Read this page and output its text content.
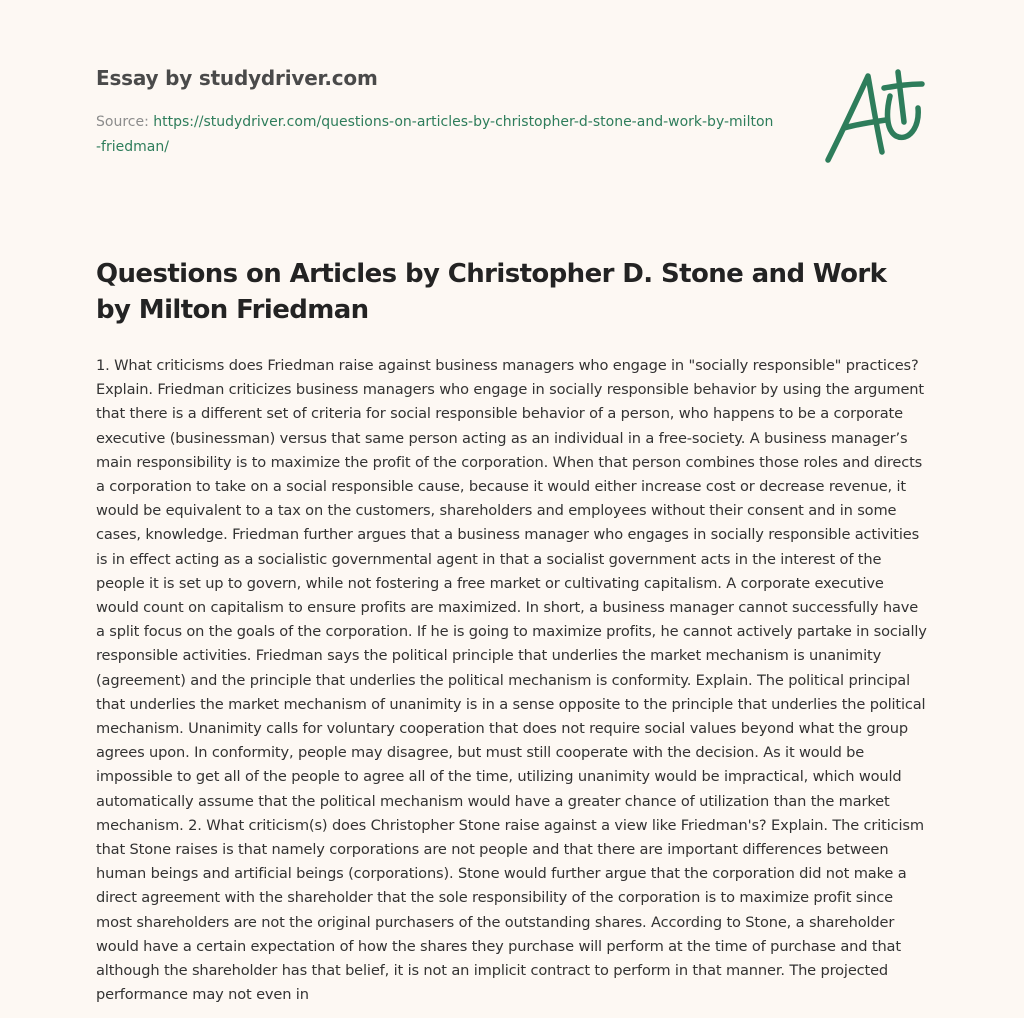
Essay by studydriver.com
Source: https://studydriver.com/questions-on-articles-by-christopher-d-stone-and-work-by-milton-friedman/
Questions on Articles by Christopher D. Stone and Work by Milton Friedman

1. What criticisms does Friedman raise against business managers who engage in "socially responsible" practices? Explain. Friedman criticizes business managers who engage in socially responsible behavior by using the argument that there is a different set of criteria for social responsible behavior of a person, who happens to be a corporate executive (businessman) versus that same person acting as an individual in a free-society. A business manager’s main responsibility is to maximize the profit of the corporation. When that person combines those roles and directs a corporation to take on a social responsible cause, because it would either increase cost or decrease revenue, it would be equivalent to a tax on the customers, shareholders and employees without their consent and in some cases, knowledge. Friedman further argues that a business manager who engages in socially responsible activities is in effect acting as a socialistic governmental agent in that a socialist government acts in the interest of the people it is set up to govern, while not fostering a free market or cultivating capitalism. A corporate executive would count on capitalism to ensure profits are maximized. In short, a business manager cannot successfully have a split focus on the goals of the corporation. If he is going to maximize profits, he cannot actively partake in socially responsible activities. Friedman says the political principle that underlies the market mechanism is unanimity (agreement) and the principle that underlies the political mechanism is conformity. Explain. The political principal that underlies the market mechanism of unanimity is in a sense opposite to the principle that underlies the political mechanism. Unanimity calls for voluntary cooperation that does not require social values beyond what the group agrees upon. In conformity, people may disagree, but must still cooperate with the decision. As it would be impossible to get all of the people to agree all of the time, utilizing unanimity would be impractical, which would automatically assume that the political mechanism would have a greater chance of utilization than the market mechanism. 2. What criticism(s) does Christopher Stone raise against a view like Friedman's? Explain. The criticism that Stone raises is that namely corporations are not people and that there are important differences between human beings and artificial beings (corporations). Stone would further argue that the corporation did not make a direct agreement with the shareholder that the sole responsibility of the corporation is to maximize profit since most shareholders are not the original purchasers of the outstanding shares. According to Stone, a shareholder would have a certain expectation of how the shares they purchase will perform at the time of purchase and that although the shareholder has that belief, it is not an implicit contract to perform in that manner. The projected performance may not even in
